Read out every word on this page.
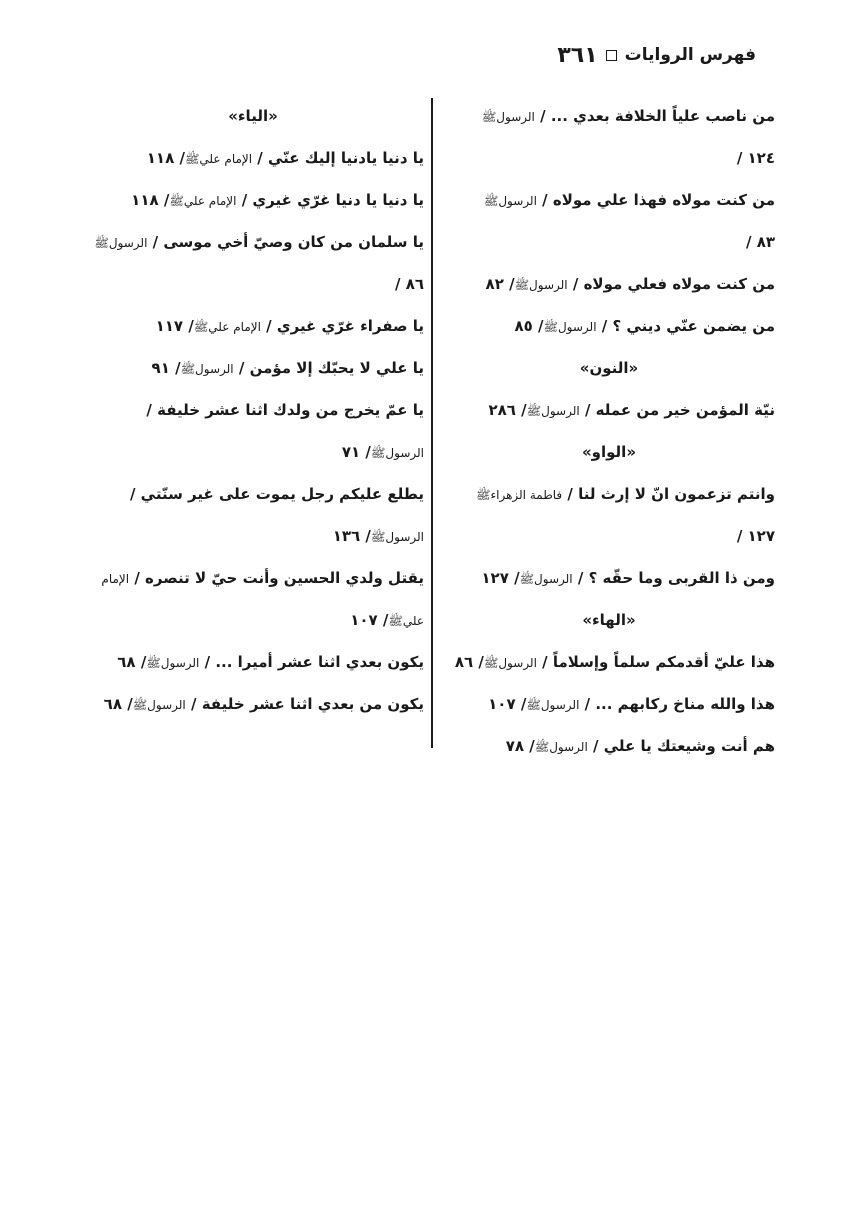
فهرس الروايات
٣٦١
من ناصب علياً الخلافة بعدي ... / الرسولﷺ
١٢٤ /
من كنت مولاه فهذا علي مولاه / الرسولﷺ
٨٣ /
من كنت مولاه فعلي مولاه / الرسولﷺ/ ٨٢
من يضمن عنّي ديني ؟ / الرسولﷺ/ ٨٥
«النون»
نيّة المؤمن خير من عمله / الرسولﷺ/ ٢٨٦
«الواو»
وانتم تزعمون انّ لا إرث لنا / فاطمة الزهراءﷺ
١٢٧ /
ومن ذا القربى وما حقّه ؟ / الرسولﷺ/ ١٢٧
«الهاء»
هذا عليّ أقدمكم سلماً وإسلاماً / الرسولﷺ/ ٨٦
هذا والله مناخ ركابهم ... / الرسولﷺ/ ١٠٧
هم أنت وشيعتك يا علي / الرسولﷺ/ ٧٨
«الياء»
يا دنيا يادنيا إليك عنّي / الإمام عليﷺ/ ١١٨
يا دنيا يا دنيا غرّي غيري / الإمام عليﷺ/ ١١٨
يا سلمان من كان وصيّ أخي موسى / الرسولﷺ
٨٦ /
يا صفراء غرّي غيري / الإمام عليﷺ/ ١١٧
يا علي لا يحبّك إلا مؤمن / الرسولﷺ/ ٩١
يا عمّ يخرج من ولدك اثنا عشر خليفة /
الرسولﷺ/ ٧١
يطلع عليكم رجل يموت على غير سنّتي /
الرسولﷺ/ ١٣٦
يقتل ولدي الحسين وأنت حيّ لا تنصره / الإمام
عليﷺ/ ١٠٧
يكون بعدي اثنا عشر أميرا ... / الرسولﷺ/ ٦٨
يكون من بعدي اثنا عشر خليفة / الرسولﷺ/ ٦٨
